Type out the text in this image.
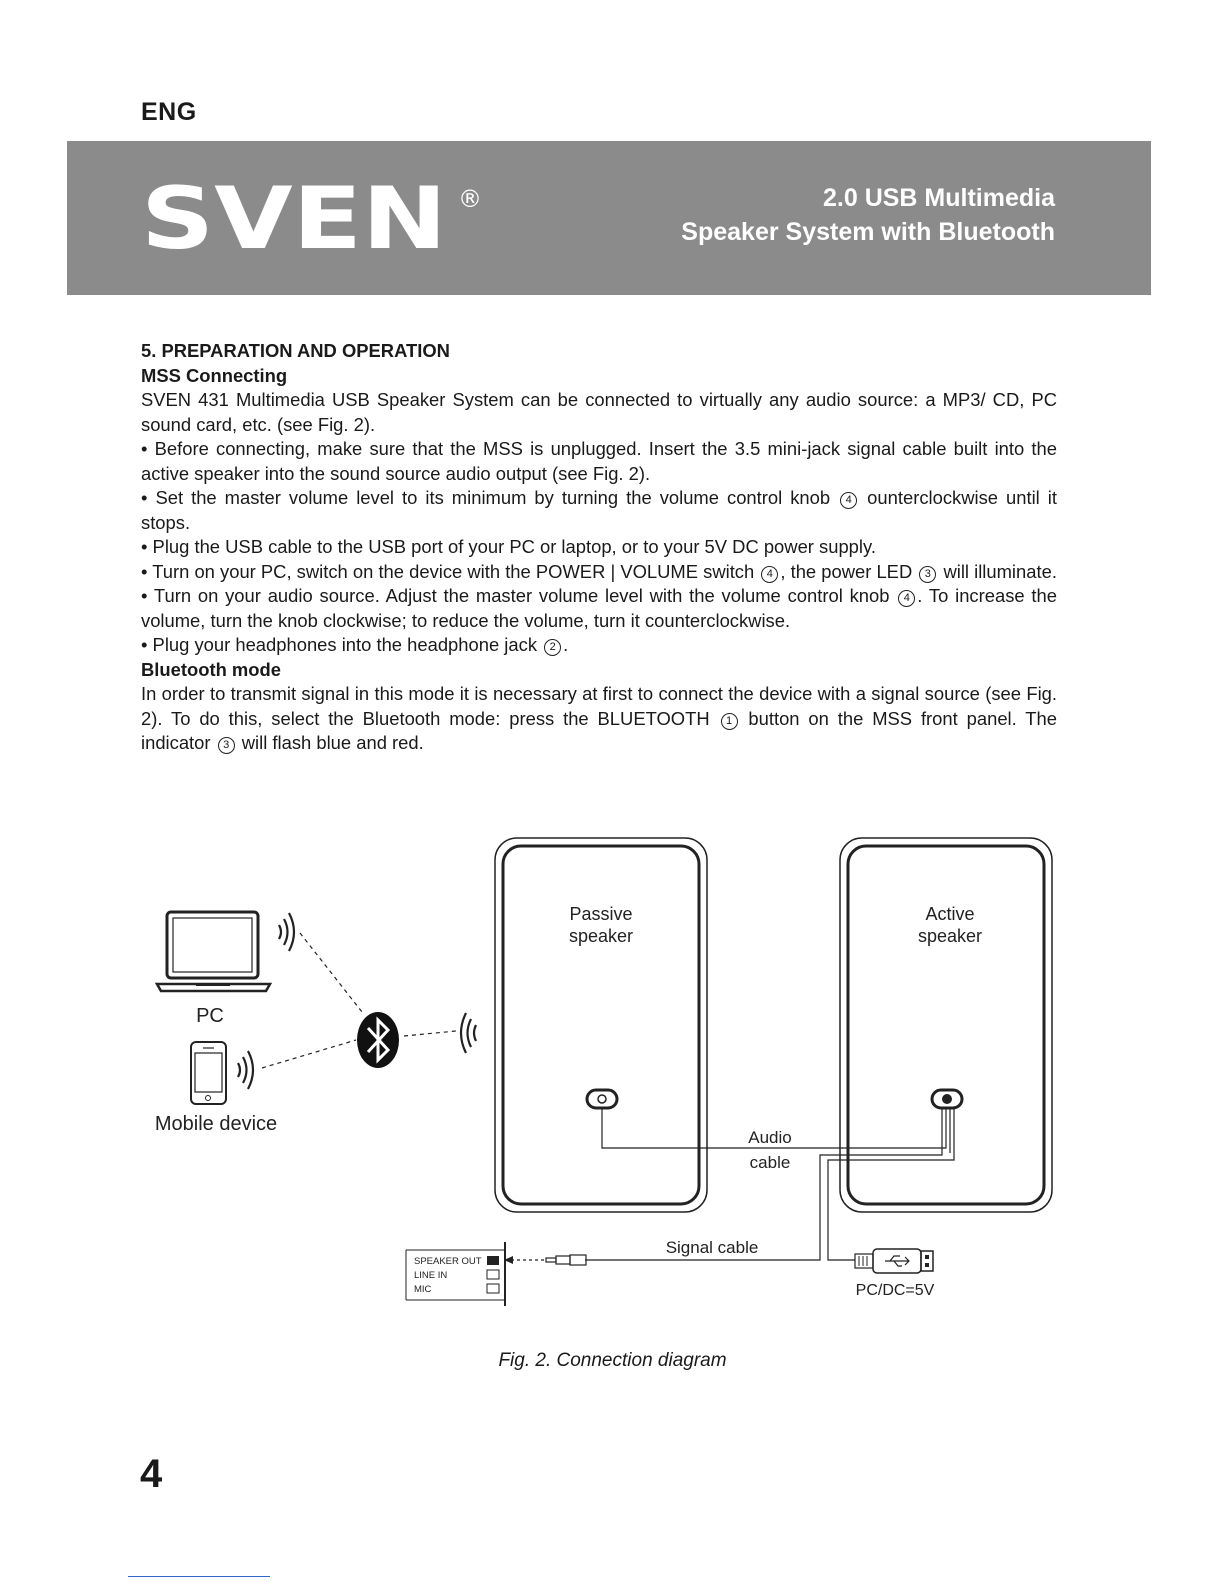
ENG
SVEN ®	2.0 USB Multimedia
Speaker System with Bluetooth

5. PREPARATION AND OPERATION

MSS Connecting

SVEN 431 Multimedia USB Speaker System can be connected to virtually any audio source: a MP3/ CD, PC sound card, etc. (see Fig. 2).

• Before connecting, make sure that the MSS is unplugged. Insert the 3.5 mini-jack signal cable built into the active speaker into the sound source audio output (see Fig. 2).

• Set the master volume level to its minimum by turning the volume control knob 4 ounterclockwise until it stops.

• Plug the USB cable to the USB port of your PC or laptop, or to your 5V DC power supply.

• Turn on your PC, switch on the device with the POWER | VOLUME switch 4 , the power LED 3 will illuminate.

• Turn on your audio source. Adjust the master volume level with the volume control knob 4 . To increase the volume, turn the knob clockwise; to reduce the volume, turn it counterclockwise.

• Plug your headphones into the headphone jack 2 .

Bluetooth mode

In order to transmit signal in this mode it is necessary at first to connect the device with a signal source (see Fig. 2). To do this, select the Bluetooth mode: press the BLUETOOTH 1 button on the MSS front panel. The indicator 3 will flash blue and red.

Passive
speaker
Active
speaker
Audio
cable
Signal cable
SPEAKER OUT
LINE IN
MIC	PC/DC=5V
PC
Mobile device
Fig. 2. Connection diagram
4
